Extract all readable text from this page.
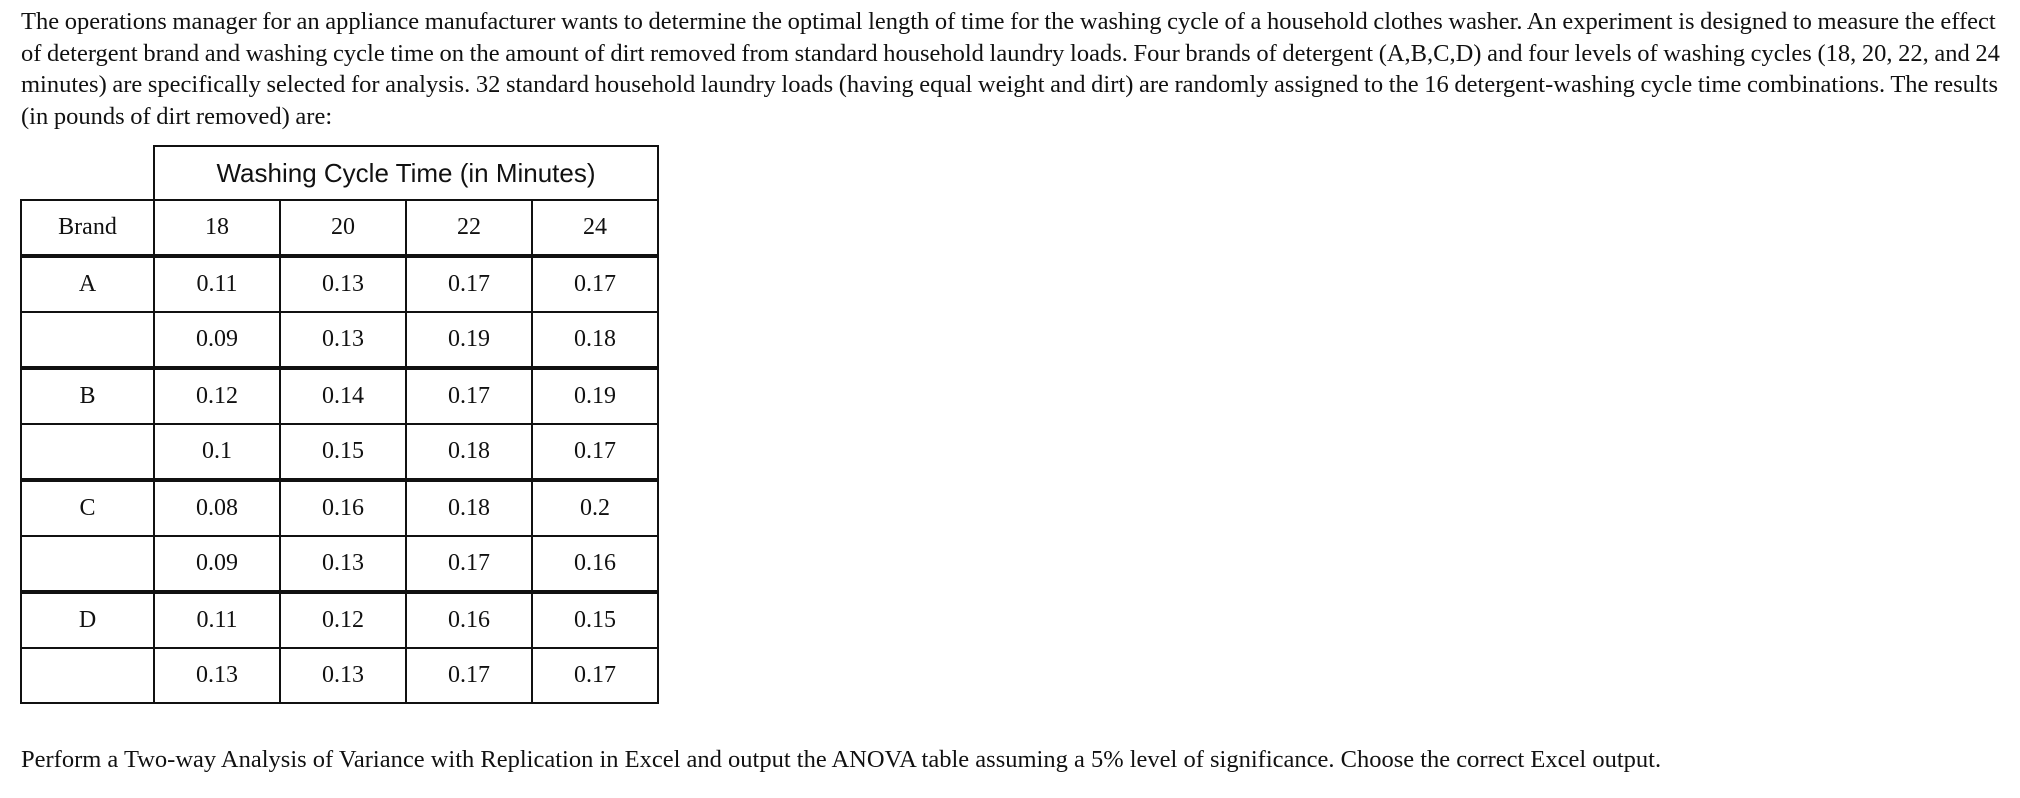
The operations manager for an appliance manufacturer wants to determine the optimal length of time for the washing cycle of a household clothes washer. An experiment is designed to measure the effect of detergent brand and washing cycle time on the amount of dirt removed from standard household laundry loads. Four brands of detergent (A,B,C,D) and four levels of washing cycles (18, 20, 22, and 24 minutes) are specifically selected for analysis. 32 standard household laundry loads (having equal weight and dirt) are randomly assigned to the 16 detergent-washing cycle time combinations. The results (in pounds of dirt removed) are:

	Washing Cycle Time (in Minutes)			
Brand	18	20	22	24
A	0.11	0.13	0.17	0.17
	0.09	0.13	0.19	0.18
B	0.12	0.14	0.17	0.19
	0.1	0.15	0.18	0.17
C	0.08	0.16	0.18	0.2
	0.09	0.13	0.17	0.16
D	0.11	0.12	0.16	0.15
	0.13	0.13	0.17	0.17

Perform a Two-way Analysis of Variance with Replication in Excel and output the ANOVA table assuming a 5% level of significance. Choose the correct Excel output.
